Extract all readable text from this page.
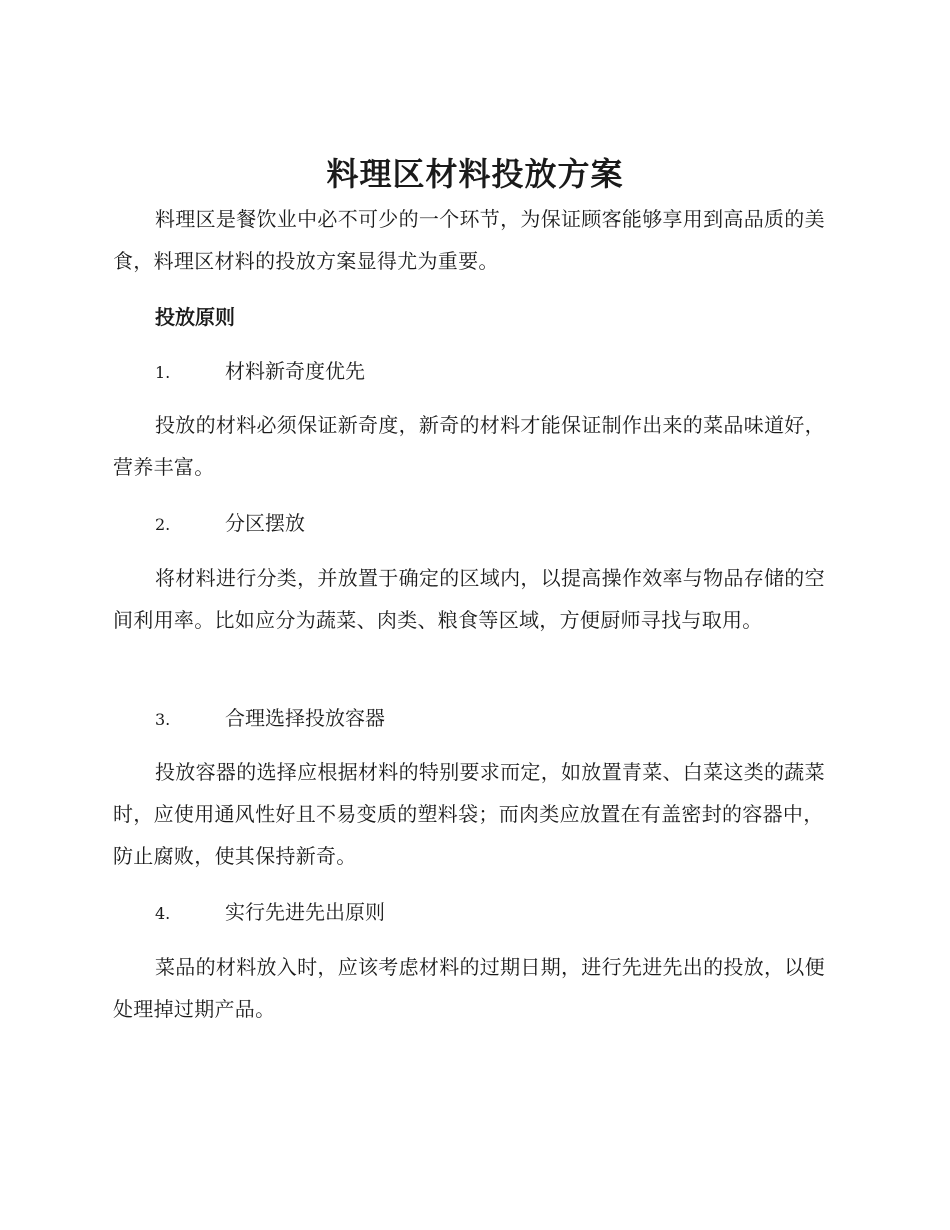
料理区材料投放方案

料理区是餐饮业中必不可少的一个环节，为保证顾客能够享用到高品质的美食，料理区材料的投放方案显得尤为重要。

投放原则

1.	材料新奇度优先

投放的材料必须保证新奇度，新奇的材料才能保证制作出来的菜品味道好，营养丰富。

2.	分区摆放

将材料进行分类，并放置于确定的区域内，以提高操作效率与物品存储的空间利用率。比如应分为蔬菜、肉类、粮食等区域，方便厨师寻找与取用。

3.	合理选择投放容器

投放容器的选择应根据材料的特别要求而定，如放置青菜、白菜这类的蔬菜时，应使用通风性好且不易变质的塑料袋；而肉类应放置在有盖密封的容器中，防止腐败，使其保持新奇。

4.	实行先进先出原则

菜品的材料放入时，应该考虑材料的过期日期，进行先进先出的投放，以便处理掉过期产品。
